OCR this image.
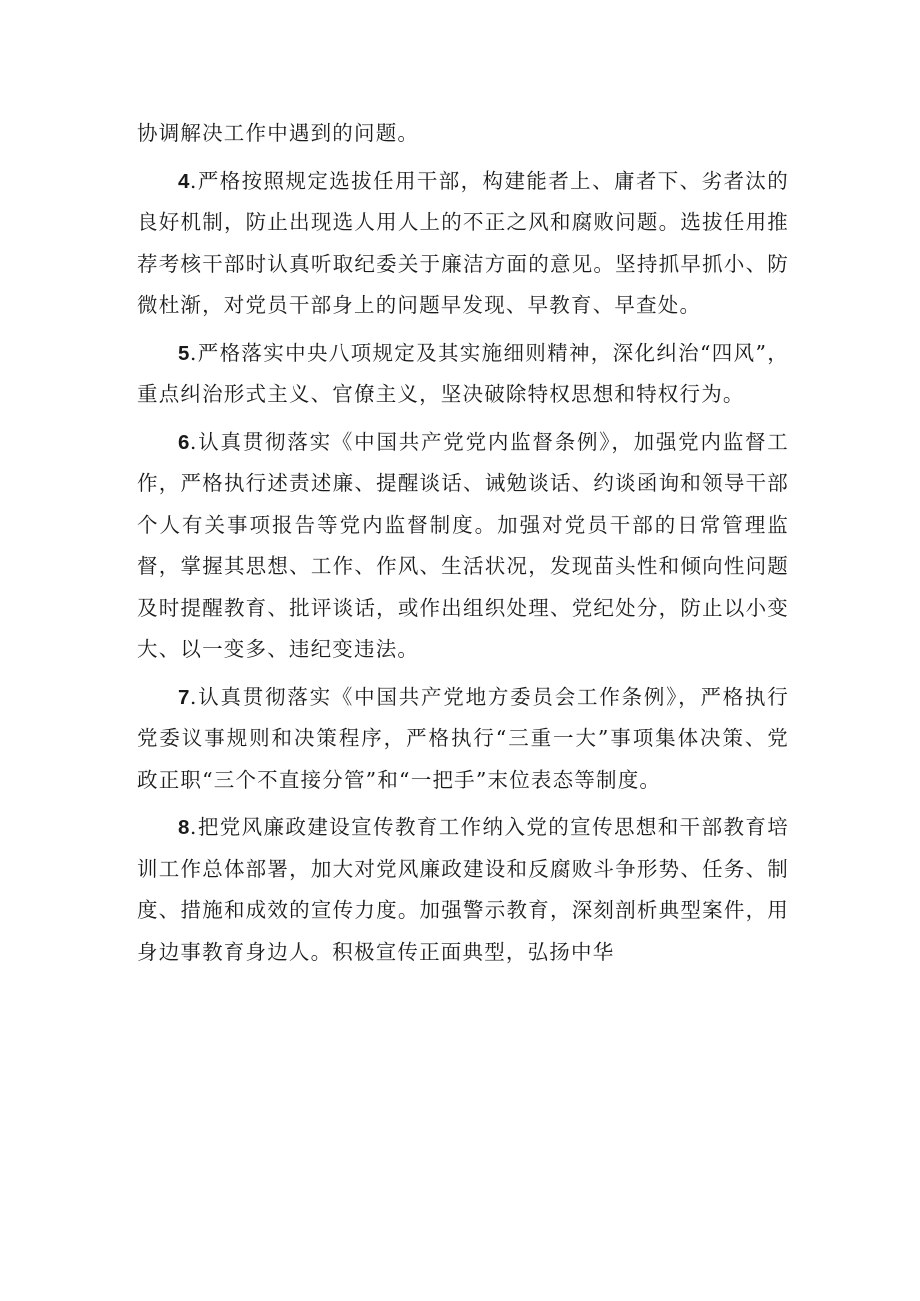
协调解决工作中遇到的问题。

4.严格按照规定选拔任用干部，构建能者上、庸者下、劣者汰的良好机制，防止出现选人用人上的不正之风和腐败问题。选拔任用推荐考核干部时认真听取纪委关于廉洁方面的意见。坚持抓早抓小、防微杜渐，对党员干部身上的问题早发现、早教育、早查处。

5.严格落实中央八项规定及其实施细则精神，深化纠治“四风”，重点纠治形式主义、官僚主义，坚决破除特权思想和特权行为。

6.认真贯彻落实《中国共产党党内监督条例》，加强党内监督工作，严格执行述责述廉、提醒谈话、诫勉谈话、约谈函询和领导干部个人有关事项报告等党内监督制度。加强对党员干部的日常管理监督，掌握其思想、工作、作风、生活状况，发现苗头性和倾向性问题及时提醒教育、批评谈话，或作出组织处理、党纪处分，防止以小变大、以一变多、违纪变违法。

7.认真贯彻落实《中国共产党地方委员会工作条例》，严格执行党委议事规则和决策程序，严格执行“三重一大”事项集体决策、党政正职“三个不直接分管”和“一把手”末位表态等制度。

8.把党风廉政建设宣传教育工作纳入党的宣传思想和干部教育培训工作总体部署，加大对党风廉政建设和反腐败斗争形势、任务、制度、措施和成效的宣传力度。加强警示教育，深刻剖析典型案件，用身边事教育身边人。积极宣传正面典型，弘扬中华
